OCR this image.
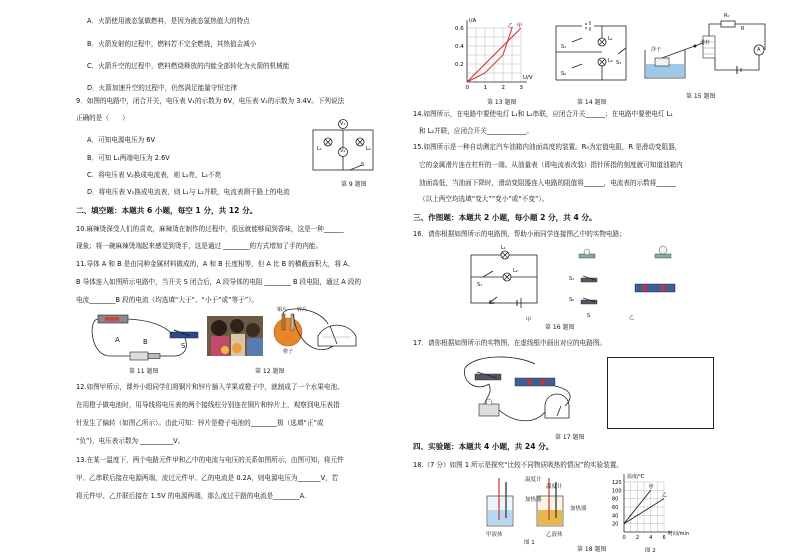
A．火箭使用液态氢做燃料，是因为液态氢热值大的特点
B．火箭发射的过程中，燃料若不完全燃烧，其热值会减小
C．火箭升空的过程中，燃料燃烧释放的内能全部转化为火箭的机械能
D．火箭加速升空的过程中，仍然满足能量守恒定律
9．如图的电路中，闭合开关，电压表 V₁的示数为 6V，电压表 V₂的示数为 3.4V。下列说法
正确的是（　　）
A．可知电源电压为 6V
B．可知 L₁两端电压为 2.6V
C．将电压表 V₂换成电流表，则 L₁亮，L₂不亮
D．将电压表 V₁换成电流表，则 L₁与 L₂并联，电流表测干路上的电流
V₁
V₂
L₁	L₂
S
第 9 题图
二、填空题：本题共 6 小题，每空 1 分，共 12 分。
10.麻辣烫深受人们的喜欢，麻辣烫在制作的过程中，很远就能够闻到香味，这是一种______
现象；将一碗麻辣烫端起来感觉到烫手，这是通过 ________的方式增加了手的内能。
11.导体 A 和 B 是由同种金属材料做成的，A 和 B 长度相等，但 A 比 B 的横截面积大，将 A、
B 导体连入如图所示电路中，当开关 S 闭合后，A 段导体的电阻 ________ B 段电阻，通过 A 段的
电流________B 段的电流（均选填“大于”、“小于”或“等于”）。
A	B	S
第 11 题图
铜片 锌片
橙子
第 12 题图
12.如图甲所示，课外小组同学们将铜片和锌片插入苹果或橙子中，就制成了一个水果电池。
在用橙子做电池时，用导线将电压表的两个接线柱分别连在铜片和锌片上，观察到电压表指
针发生了偏转（如图乙所示）。由此可知：锌片是橙子电池的________极（选填“正”或
“负”)，电压表示数为 __________V。
13.在某一温度下，两个电路元件甲和乙中的电流与电压的关系如图所示，由图可知，将元件
甲、乙串联后接在电源两端，流过元件甲、乙的电流是 0.2A，则电源电压为_______V，若
将元件甲、乙并联后接在 1.5V 的电源两端，那么流过干路的电流是________A.
I/A
U/V
0.6
0.4
0.2
0	1	2	3
甲
乙
第 13 题图
S₁
S₂
S₃
L₁
L₂
第 14 题图
浮子
R₀
R
滑杆
A
第 15 题图
14.如图所示，在电路中要使电灯 L₁和 L₂串联，应闭合开关______；在电路中要使电灯 L₁
和 L₂并联，应闭合开关____________。
15.如图所示是一种自动测定汽车油箱内油面高度的装置。R₀为定值电阻，R 是滑动变阻器，
它的金属滑片连在杠杆的一端。从油量表（即电流表改装）指针所指的刻度就可知道油箱内
油面高低，当油面下降时，滑动变阻器连入电路的阻值将______，电流表的示数将______
（以上两空均选填“变大”“变小”或“不变”）。
三、作图题：本题共 2 小题，每小题 2 分，共 4 分。
16．请你根据如图所示的电路图，帮助小雨同学连接图乙中的实物电路；
L₁
L₂
S₁
S₂
甲
S₁
S₂
S	乙
第 16 题图
17．请你根据如图所示的实物图，在虚线框中画出对应的电路图。
第 17 题图
四、实验题：本题共 4 小题，共 24 分。
18.（7 分）如图 1 所示是探究“比较不同物质吸热的情况”的实验装置。
温度计
加热器
温度计
加热器
甲液体	乙液体
图 1
第 18 题图
温度/℃
时间/min
120
100
80
60
40
20
0 2 4 6
甲
乙
图 2
